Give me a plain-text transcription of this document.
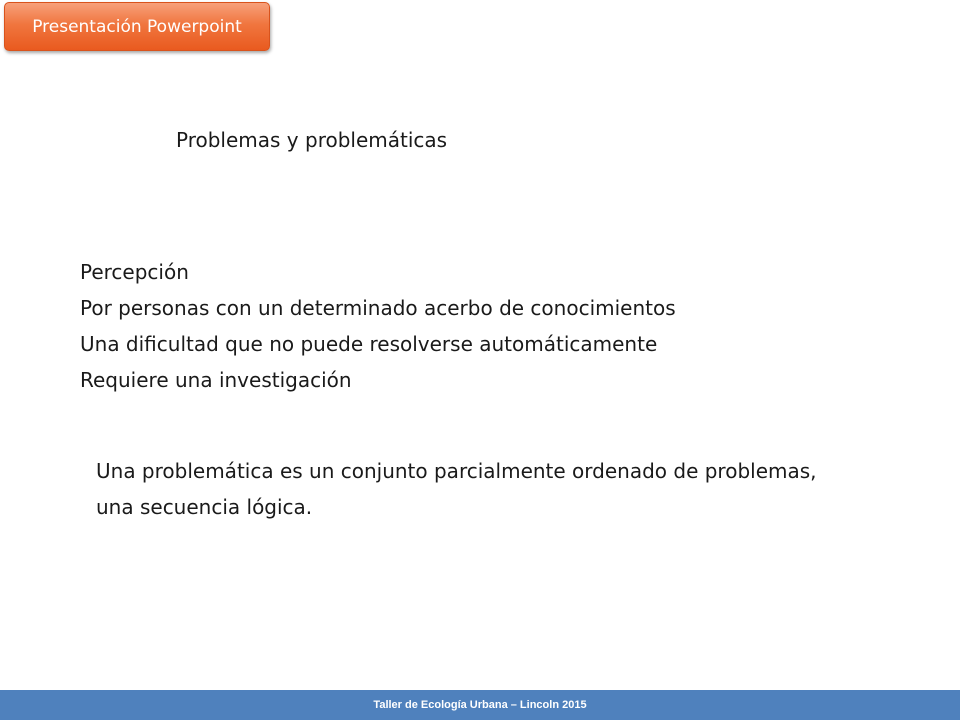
Presentación Powerpoint
Problemas y problemáticas
Percepción
Por personas con un determinado acerbo de conocimientos
Una dificultad que no puede resolverse automáticamente
Requiere una investigación

Una problemática es un conjunto parcialmente ordenado de problemas, una secuencia lógica.

Taller de Ecología Urbana – Lincoln 2015
